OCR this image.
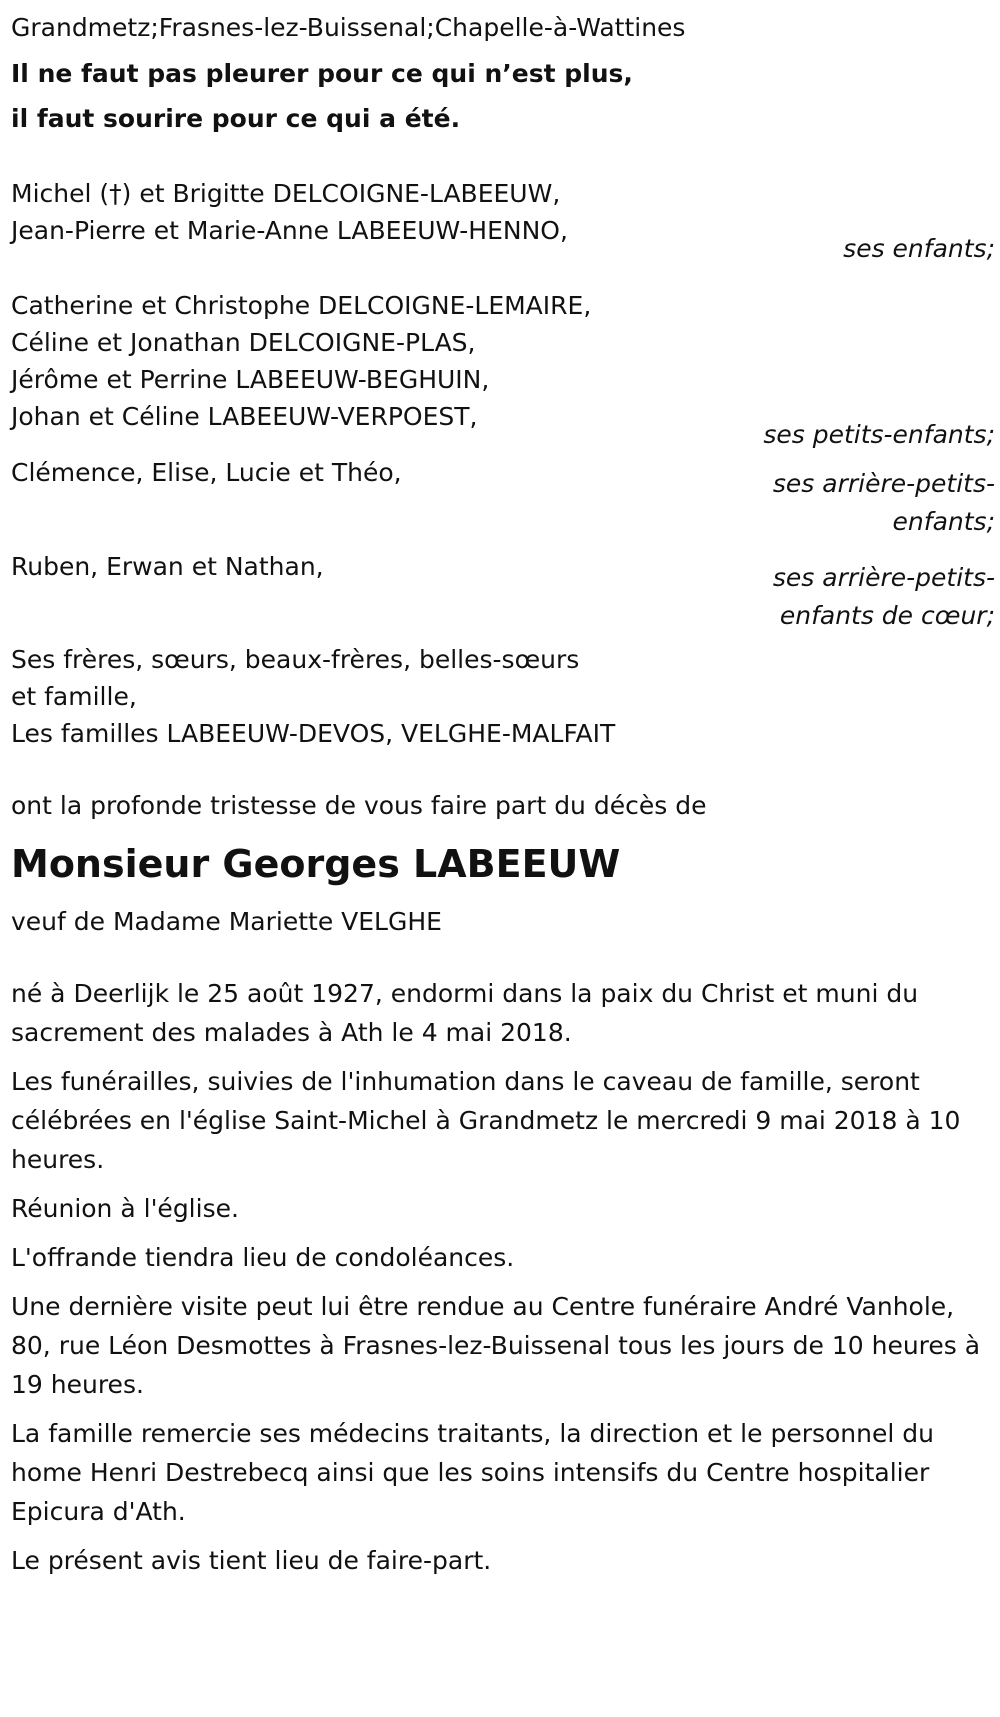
Grandmetz;Frasnes-lez-Buissenal;Chapelle-à-Wattines
Il ne faut pas pleurer pour ce qui n’est plus,
il faut sourire pour ce qui a été.
Michel (†) et Brigitte DELCOIGNE-LABEEUW,
Jean-Pierre et Marie-Anne LABEEUW-HENNO,
ses enfants;
Catherine et Christophe DELCOIGNE-LEMAIRE,
Céline et Jonathan DELCOIGNE-PLAS,
Jérôme et Perrine LABEEUW-BEGHUIN,
Johan et Céline LABEEUW-VERPOEST,
ses petits-enfants;
Clémence, Elise, Lucie et Théo,	ses arrière-petits-
enfants;
Ruben, Erwan et Nathan,	ses arrière-petits-
enfants de cœur;
Ses frères, sœurs, beaux-frères, belles-sœurs
et famille,
Les familles LABEEUW-DEVOS, VELGHE-MALFAIT
ont la profonde tristesse de vous faire part du décès de
Monsieur Georges LABEEUW
veuf de Madame Mariette VELGHE
né à Deerlijk le 25 août 1927, endormi dans la paix du Christ et muni du sacrement des malades à Ath le 4 mai 2018.
Les funérailles, suivies de l'inhumation dans le caveau de famille, seront célébrées en l'église Saint-Michel à Grandmetz le mercredi 9 mai 2018 à 10 heures.
Réunion à l'église.
L'offrande tiendra lieu de condoléances.
Une dernière visite peut lui être rendue au Centre funéraire André Vanhole, 80, rue Léon Desmottes à Frasnes-lez-Buissenal tous les jours de 10 heures à 19 heures.
La famille remercie ses médecins traitants, la direction et le personnel du home Henri Destrebecq ainsi que les soins intensifs du Centre hospitalier Epicura d'Ath.
Le présent avis tient lieu de faire-part.
